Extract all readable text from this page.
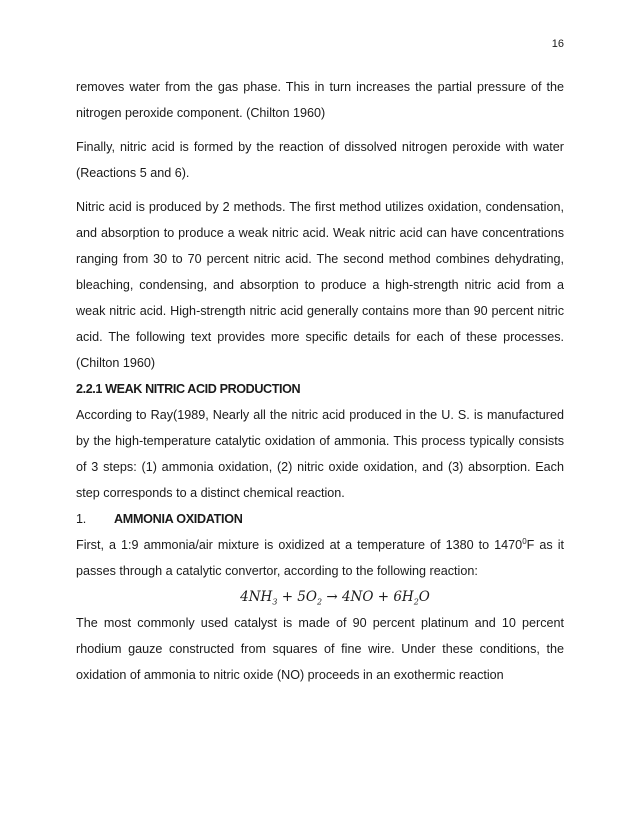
16

removes water from the gas phase. This in turn increases the partial pressure of the nitrogen peroxide component. (Chilton 1960)

Finally, nitric acid is formed by the reaction of dissolved nitrogen peroxide with water (Reactions 5 and 6).

Nitric acid is produced by 2 methods. The first method utilizes oxidation, condensation, and absorption to produce a weak nitric acid. Weak nitric acid can have concentrations ranging from 30 to 70 percent nitric acid. The second method combines dehydrating, bleaching, condensing, and absorption to produce a high-strength nitric acid from a weak nitric acid. High-strength nitric acid generally contains more than 90 percent nitric acid. The following text provides more specific details for each of these processes. (Chilton 1960)

2.2.1 WEAK NITRIC ACID PRODUCTION

According to Ray(1989, Nearly all the nitric acid produced in the U. S. is manufactured by the high-temperature catalytic oxidation of ammonia. This process typically consists of 3 steps: (1) ammonia oxidation, (2) nitric oxide oxidation, and (3) absorption. Each step corresponds to a distinct chemical reaction.

1. AMMONIA OXIDATION

First, a 1:9 ammonia/air mixture is oxidized at a temperature of 1380 to 1470$^0$F as it passes through a catalytic convertor, according to the following reaction:

$4NH_3 + 5O_2 \to 4NO + 6H_2O$

The most commonly used catalyst is made of 90 percent platinum and 10 percent rhodium gauze constructed from squares of fine wire. Under these conditions, the oxidation of ammonia to nitric oxide (NO) proceeds in an exothermic reaction
